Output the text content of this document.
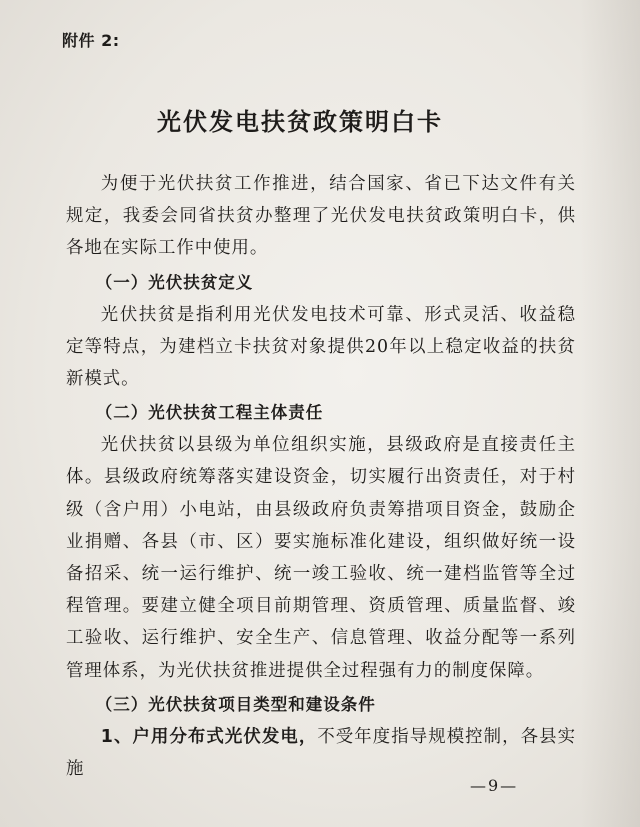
附件 2:
光伏发电扶贫政策明白卡

为便于光伏扶贫工作推进，结合国家、省已下达文件有关规定，我委会同省扶贫办整理了光伏发电扶贫政策明白卡，供各地在实际工作中使用。

（一）光伏扶贫定义

光伏扶贫是指利用光伏发电技术可靠、形式灵活、收益稳定等特点，为建档立卡扶贫对象提供20年以上稳定收益的扶贫新模式。

（二）光伏扶贫工程主体责任

光伏扶贫以县级为单位组织实施，县级政府是直接责任主体。县级政府统筹落实建设资金，切实履行出资责任，对于村级（含户用）小电站，由县级政府负责筹措项目资金，鼓励企业捐赠、各县（市、区）要实施标准化建设，组织做好统一设备招采、统一运行维护、统一竣工验收、统一建档监管等全过程管理。要建立健全项目前期管理、资质管理、质量监督、竣工验收、运行维护、安全生产、信息管理、收益分配等一系列管理体系，为光伏扶贫推进提供全过程强有力的制度保障。

（三）光伏扶贫项目类型和建设条件

1、户用分布式光伏发电，不受年度指导规模控制，各县实施

—9—
